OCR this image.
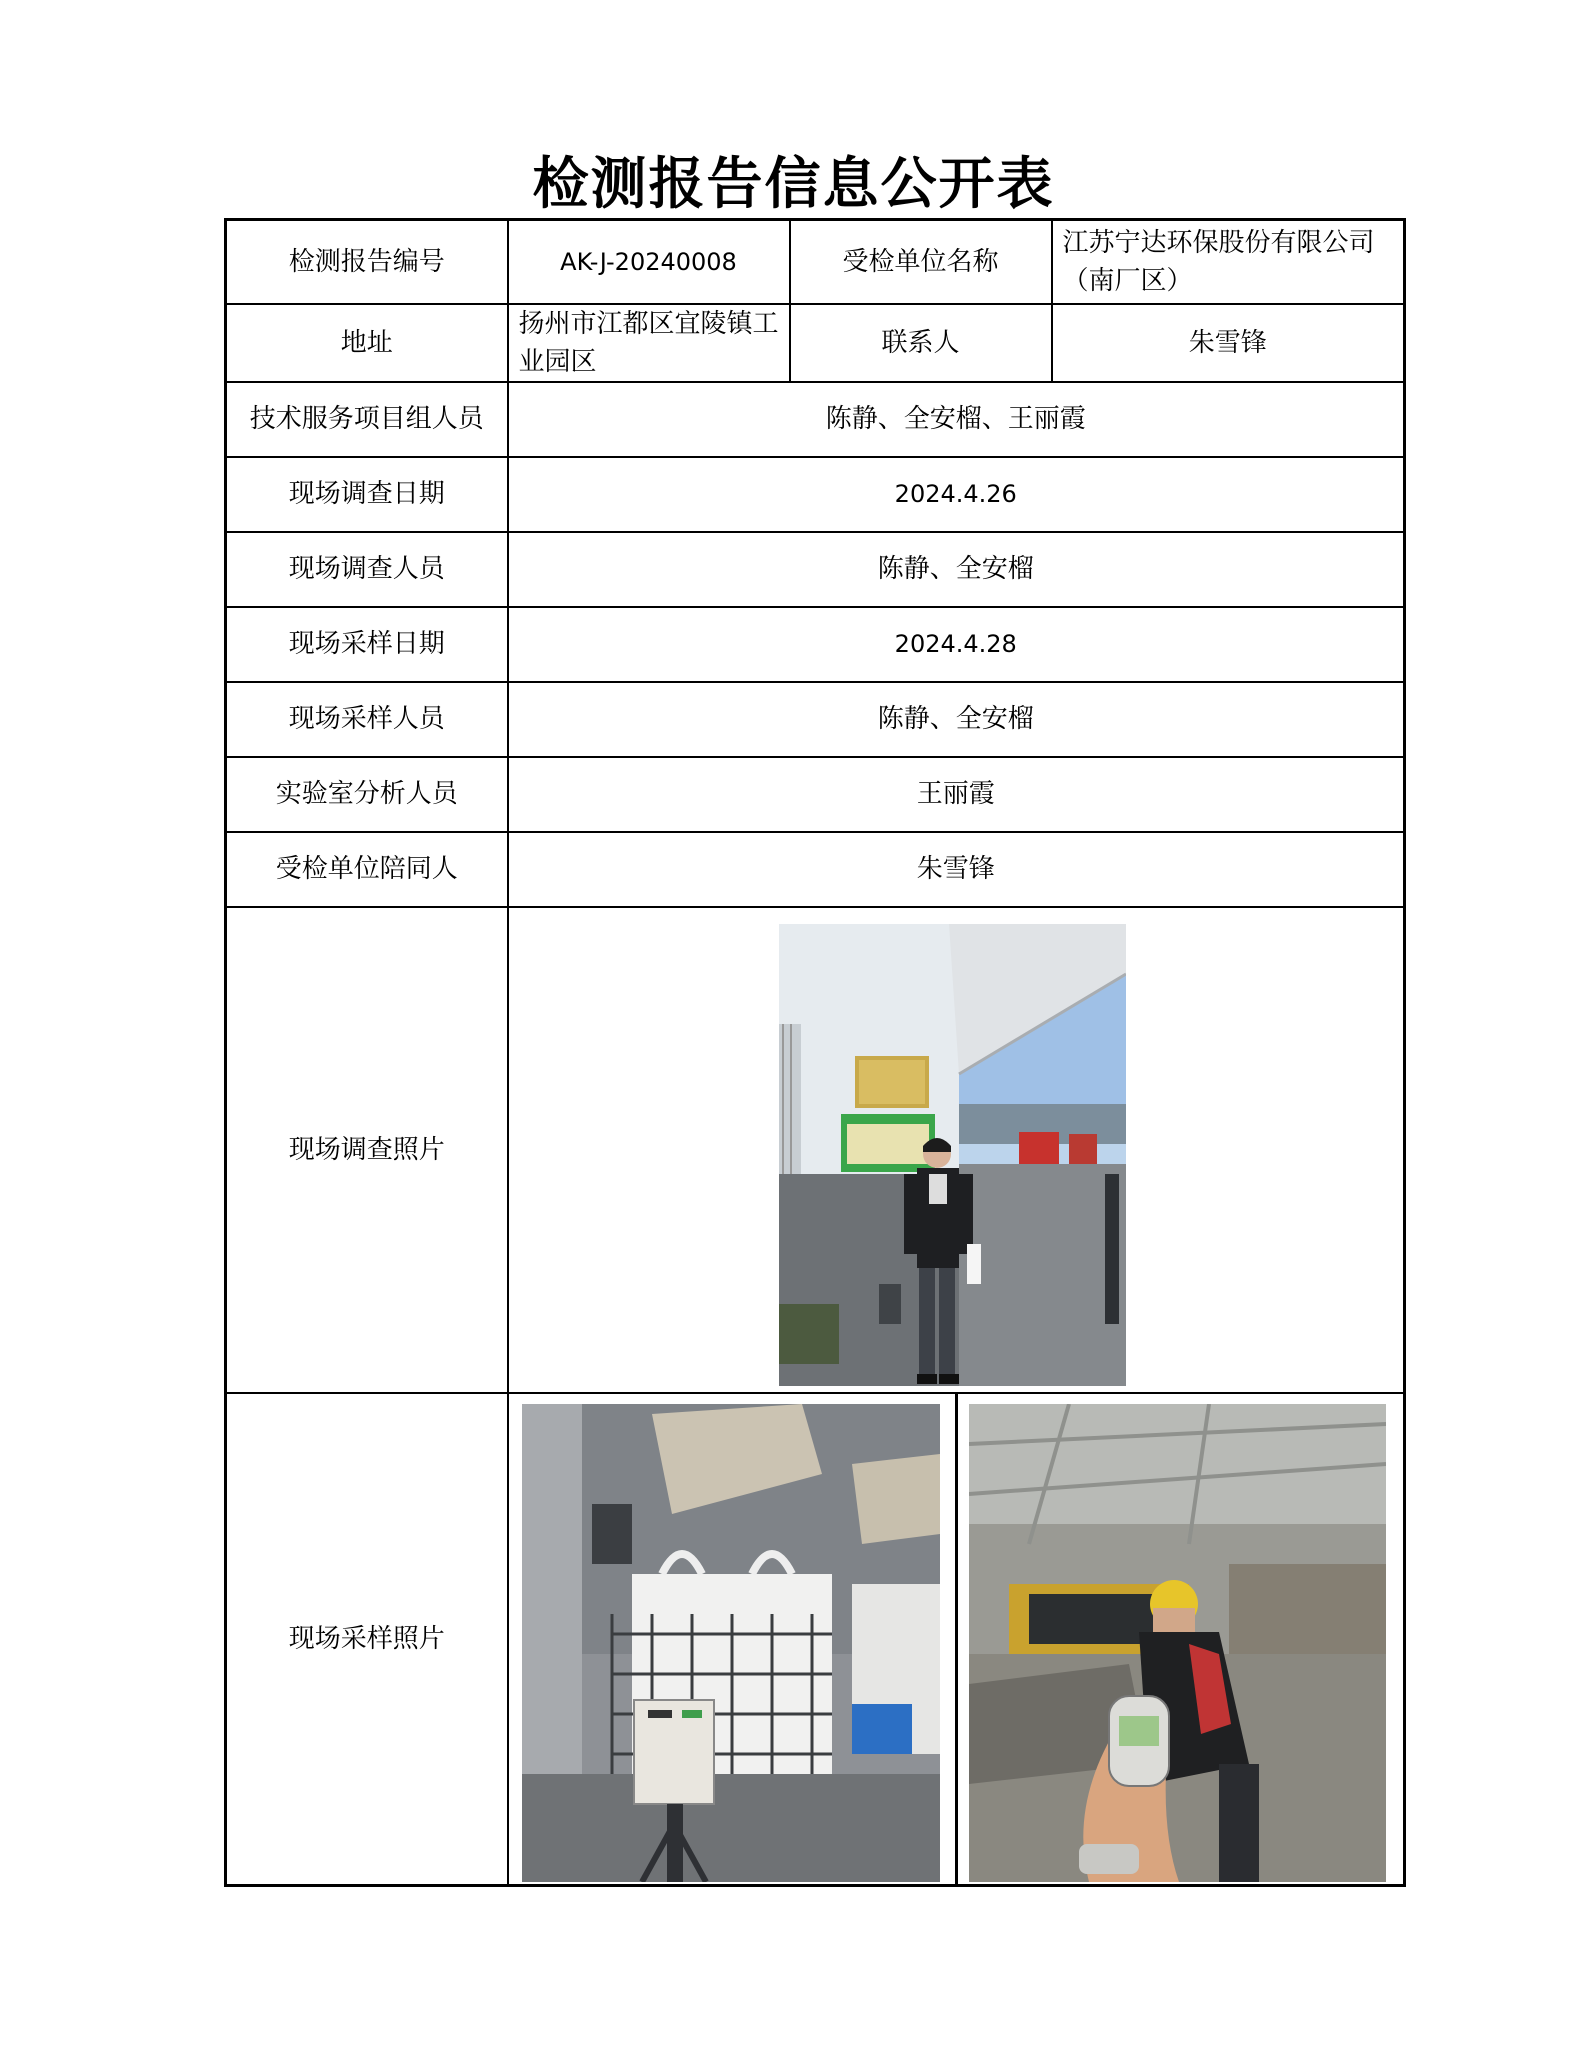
检测报告信息公开表
检测报告编号	AK-J-20240008	受检单位名称	江苏宁达环保股份有限公司（南厂区）
地址	扬州市江都区宜陵镇工业园区	联系人	朱雪锋
技术服务项目组人员	陈静、全安榴、王丽霞		
现场调查日期	2024.4.26		
现场调查人员	陈静、全安榴		
现场采样日期	2024.4.28		
现场采样人员	陈静、全安榴		
实验室分析人员	王丽霞		
受检单位陪同人	朱雪锋		
现场调查照片	

现场采样照片	
